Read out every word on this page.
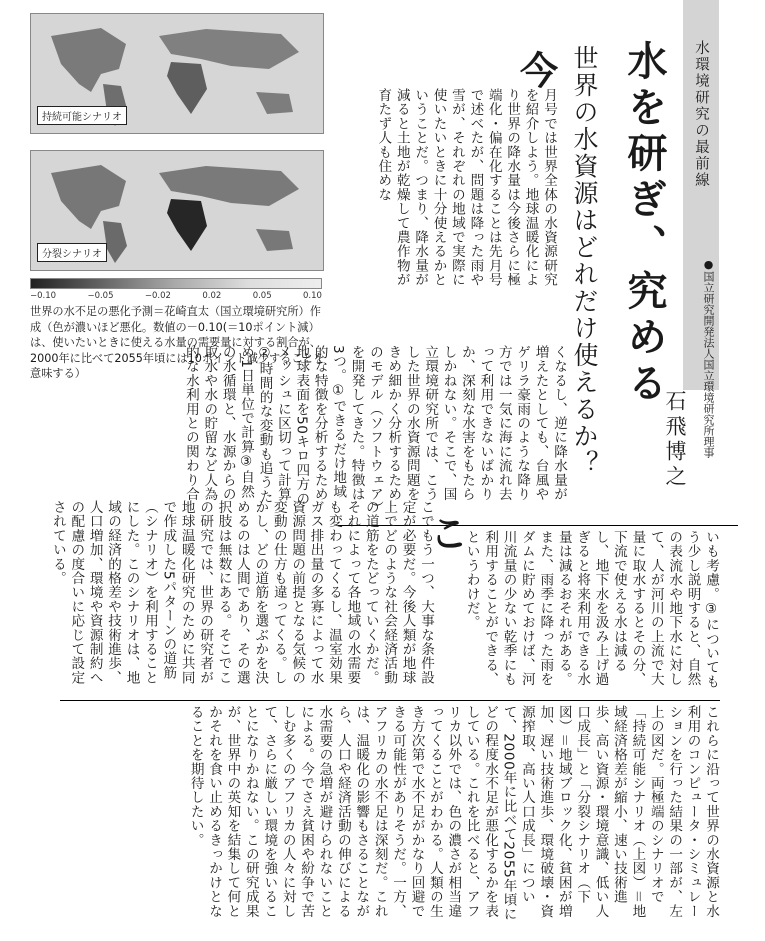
持続可能シナリオ
分裂シナリオ
−0.10	−0.05	−0.02	0.02	0.05	0.10
世界の水不足の悪化予測＝花崎直太（国立環境研究所）作成（色が濃いほど悪化。数値の－0.10(＝10ポイント減）は、使いたいときに使える水量の需要量に対する割合が、2000年に比べて2055年頃には10ポイント減少することを意味する）
水環境研究の最前線
水を研ぎ、究める
世界の水資源はどれだけ使えるか？	●国立研究開発法人国立環境研究所理事
石飛博之
今
月号では世界全体の水資源研究を紹介しよう。地球温暖化により世界の降水量は今後さらに極端化・偏在化することは先月号で述べたが、問題は降った雨や雪が、それぞれの地域で実際に使いたいときに十分使えるかということだ。つまり、降水量が減ると土地が乾燥して農作物が育たず人も住めな
くなるし、逆に降水量が増えたとしても、台風やゲリラ豪雨のような降り方では一気に海に流れ去って利用できないばかりか、深刻な水害をもたらしかねない。そこで、国立環境研究所では、こうした世界の水資源問題をきめ細かく分析するためのモデル（ソフトウェア）を開発してきた。特徴は3つ。①できるだけ地域的な特徴を分析するため地球表面を50キロ四方のメッシュに区切って計算②時間的な変動も追うため1日単位で計算③自然の水循環と、水源からの取水や水の貯留など人為的な水利用との関わり合
いも考慮。③についてもう少し説明すると、自然の表流水や地下水に対して、人が河川の上流で大量に取水するとその分、下流で使える水は減るし、地下水を汲み上げ過ぎると将来利用できる水量は減るおそれがある。また、雨季に降った雨をダムに貯めておけば、河川流量の少ない乾季にも利用することができる、というわけだ。
こ
こでもう一つ、大事な条件設定が必要だ。今後人類が地球上でどのような社会経済活動の道筋をたどっていくかだ。それによって各地域の水需要も変わってくるし、温室効果ガス排出量の多寡によって水資源問題の前提となる気候の変動の仕方も違ってくる。しかし、どの道筋を選ぶかを決めるのは人間であり、その選択肢は無数にある。そこでこの研究では、世界の研究者が地球温暖化研究のために共同で作成した5パターンの道筋（シナリオ）を利用することにした。このシナリオは、地域の経済的格差や技術進歩、人口増加、環境や資源制約への配慮の度合いに応じて設定されている。
これらに沿って世界の水資源と水利用のコンピュータ・シミュレーションを行った結果の一部が、左上の図だ。両極端のシナリオで「持続可能シナリオ（上図）＝地域経済格差が縮小、速い技術進歩、高い資源・環境意識、低い人口成長」と「分裂シナリオ（下図）＝地域ブロック化、貧困が増加、遅い技術進歩、環境破壊・資源搾取、高い人口成長」について、2000年に比べて2055年頃にどの程度水不足が悪化するかを表している。これを比べると、アフリカ以外では、色の濃さが相当違ってくることがわかる。人類の生き方次第で水不足がかなり回避できる可能性がありそうだ。一方、アフリカの水不足は深刻だ。これは、温暖化の影響もさることながら、人口や経済活動の伸びによる水需要の急増が避けられないことによる。今でさえ貧困や紛争で苦しむ多くのアフリカの人々に対して、さらに厳しい環境を強いることになりかねない。この研究成果が、世界中の英知を結集して何とかそれを食い止めるきっかけとなることを期待したい。
